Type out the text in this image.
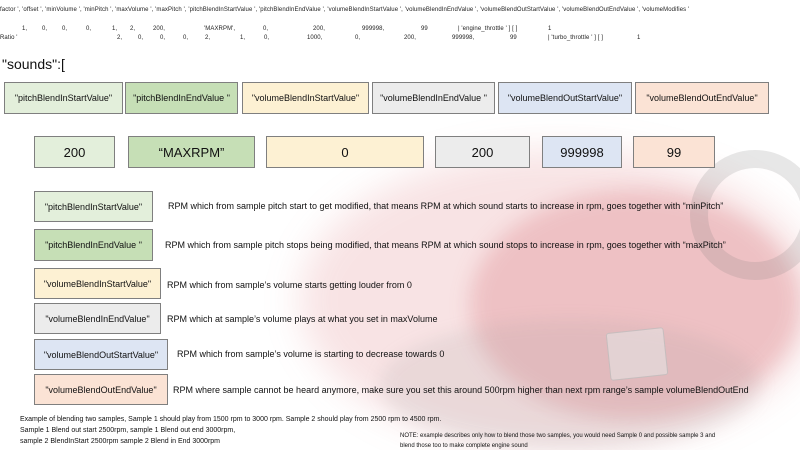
factor ', 'offset ', 'minVolume ', 'minPitch ', 'maxVolume ', 'maxPitch ', 'pitchBlendInStartValue ', 'pitchBlendInEndValue ', 'volumeBlendInStartValue ', 'volumeBlendInEndValue ', 'volumeBlendOutStartValue ', 'volumeBlendOutEndValue ', 'volumeModifies '
1, 0, 0,	0,	1, 2,	200,	'MAXRPM',	0,	200,	999998,	99	| 'engine_throttle ' ] [ ]	1
Ratio '	2,	0,	0,	0,	2,	1,	0,	1000,	0,	200,	999998,	99	| 'turbo_throttle ' ] [ ]	1
"sounds":[
"pitchBlendInStartValue"	"pitchBlendInEndValue "	"volumeBlendInStartValue"	"volumeBlendInEndValue "	"volumeBlendOutStartValue"	"volumeBlendOutEndValue"
200	“MAXRPM”	0	200	999998	99
"pitchBlendInStartValue"	RPM which from sample pitch start to get modified, that means RPM at which sound starts to increase in rpm, goes together with “minPitch”
"pitchBlendInEndValue "	RPM which from sample pitch stops being modified, that means RPM at which sound stops to increase in rpm, goes together with “maxPitch”
"volumeBlendInStartValue"	RPM which from sample’s volume starts getting louder from 0
"volumeBlendInEndValue"	RPM which at sample’s volume plays at what you set in maxVolume
"volumeBlendOutStartValue"	RPM which from sample’s volume is starting to decrease towards 0
"volumeBlendOutEndValue"	RPM where sample cannot be heard anymore, make sure you set this around 500rpm higher than next rpm range’s sample volumeBlendOutEnd
Example of blending two samples, Sample 1 should play from 1500 rpm to 3000 rpm. Sample 2 should play from 2500 rpm to 4500 rpm.
Sample 1 Blend out start 2500rpm, sample 1 Blend out end 3000rpm,
sample 2 BlendInStart 2500rpm sample 2 Blend in End 3000rpm
NOTE: example describes only how to blend those two samples, you would need Sample 0 and possible sample 3 and
blend those too to make complete engine sound
